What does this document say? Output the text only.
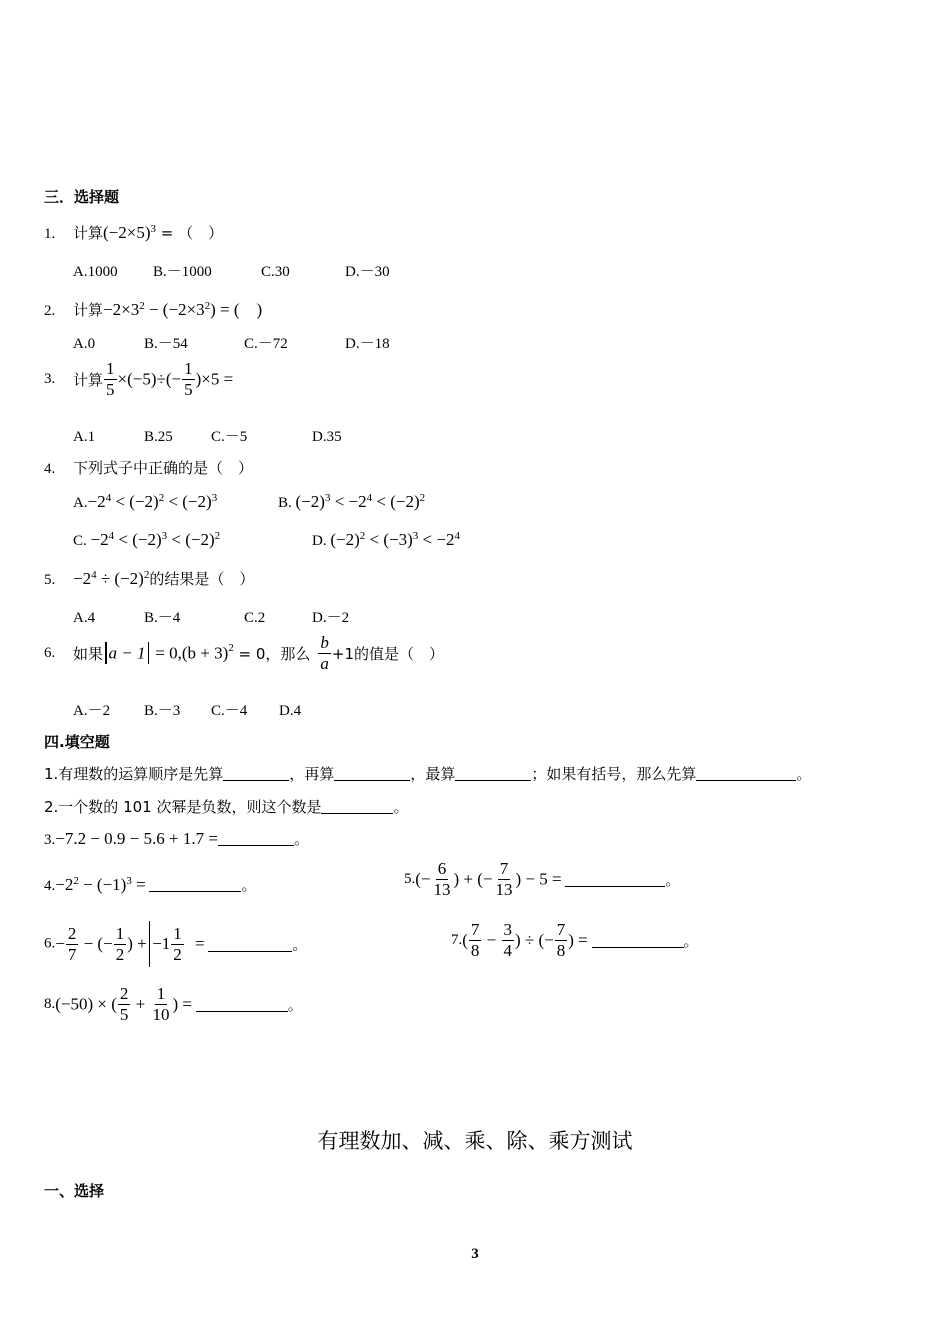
三．选择题
1. 计算$(-2\times 5)^3$ = （　）
A.1000 B.－1000	C.30	D.－30
2. 计算$-2\times 3^2 - (-2\times 3^2)$ = (　)
A.0	B.－54	C.－72	D.－18
3. 计算 $\frac{1}{5} \times(-5)\div(- \frac{1}{5} )\times 5$ =
A.1	B.25	C.－5	D.35
4. 下列式子中正确的是（　）
$A.-2^4 < (-2)^2 < (-2)^3$	B. $(-2)^3 < -2^4 < (-2)^2$
C. $-2^4 < (-2)^3 < (-2)^2$	D. $(-2)^2 < (-3)^3 < -2^4$
5. $-2^4 \div (-2)^2$的结果是（　）
A.4	B.－4	C.2	D.－2
6. 如果 $a - 1 = 0,(b + 3)^2 = 0$，那么 $\frac{b}{a} +1$的值是（　）
A.－2 B.－3 C.－4 D.4
四.填空题
1.有理数的运算顺序是先算	，再算	，最算	；如果有括号，那么先算	。
2.一个数的 101 次幂是负数，则这个数是	。
3.−7.2 − 0.9 − 5.6 + 1.7 =	。
$4.-2^2 - (-1)^3$ =	。	$5.(- \frac{6}{13}$ ) + (− $\frac{7}{13}$ ) − 5 =	。
$6.- \frac{2}{7}$ − (− $\frac{1}{2}$ ) + $-1 \frac{1}{2}$ =	。	$7.( \frac{7}{8} - \frac{3}{4}$ ) ÷ (− $\frac{7}{8}$ ) =	。
8.(−50) × ( $\frac{2}{5} + \frac{1}{10}$ ) =	。
有理数加、减、乘、除、乘方测试
一、选择
3
